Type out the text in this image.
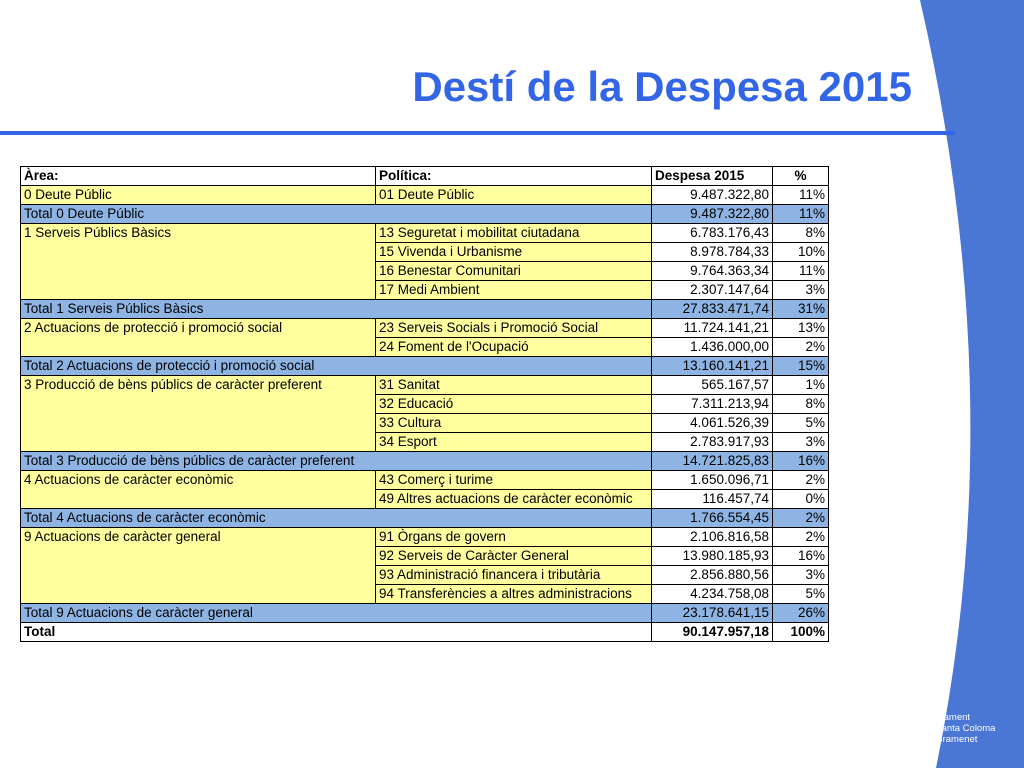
Destí de la Despesa 2015
Àrea:	Política:	Despesa 2015	%
0 Deute Públic	01 Deute Públic	9.487.322,80	11%
Total 0 Deute Públic		9.487.322,80	11%
1 Serveis Públics Bàsics	13 Seguretat i mobilitat ciutadana	6.783.176,43	8%
	15 Vivenda i Urbanisme	8.978.784,33	10%
	16 Benestar Comunitari	9.764.363,34	11%
	17 Medi Ambient	2.307.147,64	3%
Total 1 Serveis Públics Bàsics		27.833.471,74	31%
2 Actuacions de protecció i promoció social	23 Serveis Socials i Promoció Social	11.724.141,21	13%
	24 Foment de l'Ocupació	1.436.000,00	2%
Total 2 Actuacions de protecció i promoció social		13.160.141,21	15%
3 Producció de bèns públics de caràcter preferent	31 Sanitat	565.167,57	1%
	32 Educació	7.311.213,94	8%
	33 Cultura	4.061.526,39	5%
	34 Esport	2.783.917,93	3%
Total 3 Producció de bèns públics de caràcter preferent		14.721.825,83	16%
4 Actuacions de caràcter econòmic	43 Comerç i turime	1.650.096,71	2%
	49 Altres actuacions de caràcter econòmic	116.457,74	0%
Total 4 Actuacions de caràcter econòmic		1.766.554,45	2%
9 Actuacions de caràcter general	91 Òrgans de govern	2.106.816,58	2%
	92 Serveis de Caràcter General	13.980.185,93	16%
	93 Administració financera i tributària	2.856.880,56	3%
	94 Transferències a altres administracions	4.234.758,08	5%
Total 9 Actuacions de caràcter general		23.178.641,15	26%
Total		90.147.957,18	100%
Ajuntament
de Santa Coloma
de Gramenet
